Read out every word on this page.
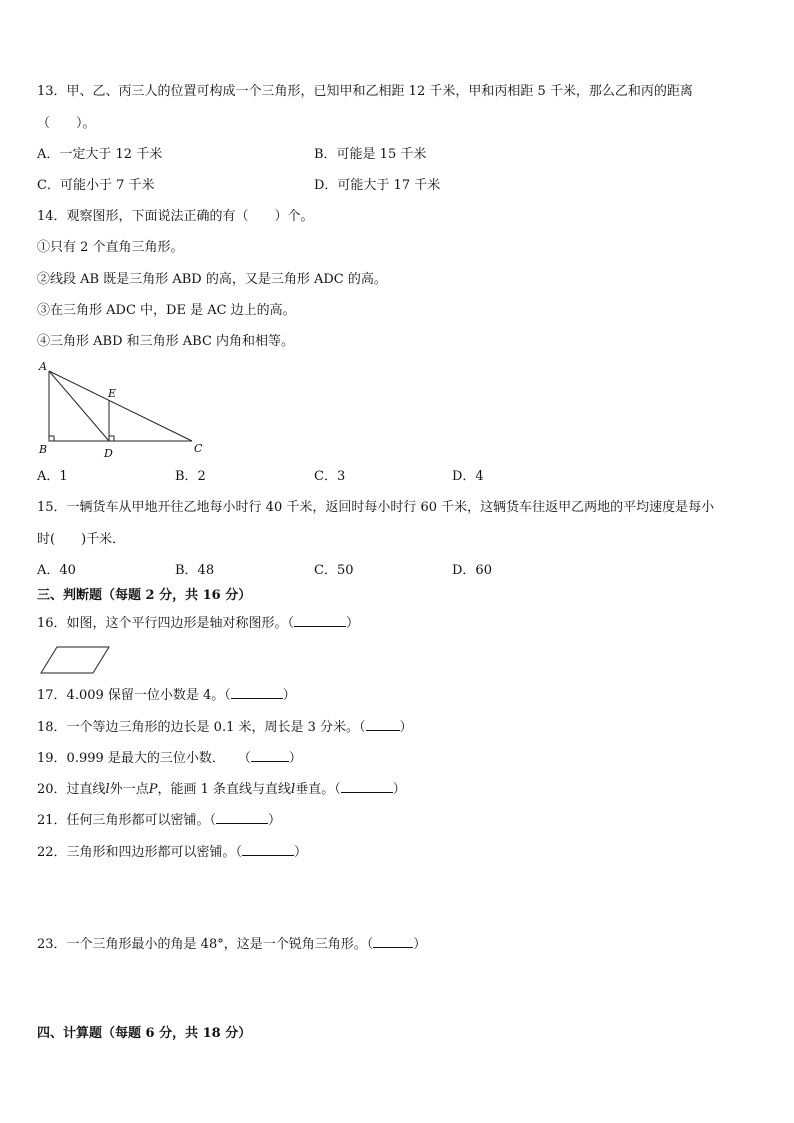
13．甲、乙、丙三人的位置可构成一个三角形，已知甲和乙相距 12 千米，甲和丙相距 5 千米，那么乙和丙的距离
（　　）。
A．一定大于 12 千米	B．可能是 15 千米
C．可能小于 7 千米	D．可能大于 17 千米
14．观察图形，下面说法正确的有（　　）个。
①只有 2 个直角三角形。
②线段 AB 既是三角形 ABD 的高，又是三角形 ADC 的高。
③在三角形 ADC 中，DE 是 AC 边上的高。
④三角形 ABD 和三角形 ABC 内角和相等。
A
B	C
D
E
A．1	B．2	C．3	D．4
15．一辆货车从甲地开往乙地每小时行 40 千米，返回时每小时行 60 千米，这辆货车往返甲乙两地的平均速度是每小
时(　　)千米．
A．40	B．48	C．50	D．60
三、判断题（每题 2 分，共 16 分）
16．如图，这个平行四边形是轴对称图形。（	）
17．4.009 保留一位小数是 4。（	）
18．一个等边三角形的边长是 0.1 米，周长是 3 分米。（	）
19．0.999 是最大的三位小数．　　（	）
20．过直线l外一点P，能画 1 条直线与直线l垂直。（	）
21．任何三角形都可以密铺。（	）
22．三角形和四边形都可以密铺。（	）
23．一个三角形最小的角是 48°，这是一个锐角三角形。（	）
四、计算题（每题 6 分，共 18 分）
